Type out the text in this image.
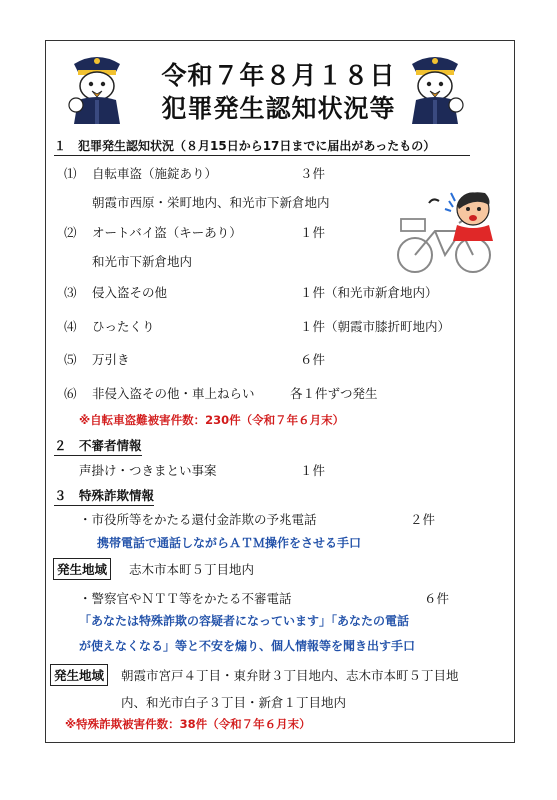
令和７年８月１８日
犯罪発生認知状況等
１　犯罪発生認知状況（８月15日から17日までに届出があったもの）
⑴ 自転車盗（施錠あり）	３件
朝霞市西原・栄町地内、和光市下新倉地内
⑵ オートバイ盗（キーあり）	１件
和光市下新倉地内
⑶ 侵入盗その他	１件（和光市新倉地内）
⑷ ひったくり	１件（朝霞市膝折町地内）
⑸ 万引き	６件
⑹ 非侵入盗その他・車上ねらい	各１件ずつ発生
※自転車盗難被害件数：230件（令和７年６月末）
２　不審者情報
声掛け・つきまとい事案	１件
３　特殊詐欺情報
・市役所等をかたる還付金詐欺の予兆電話	２件
携帯電話で通話しながらＡＴＭ操作をさせる手口
発生地域	志木市本町５丁目地内
・警察官やＮＴＴ等をかたる不審電話	６件
「あなたは特殊詐欺の容疑者になっています」「あなたの電話
が使えなくなる」等と不安を煽り、個人情報等を聞き出す手口
発生地域	朝霞市宮戸４丁目・東弁財３丁目地内、志木市本町５丁目地
内、和光市白子３丁目・新倉１丁目地内
※特殊詐欺被害件数：38件（令和７年６月末）
